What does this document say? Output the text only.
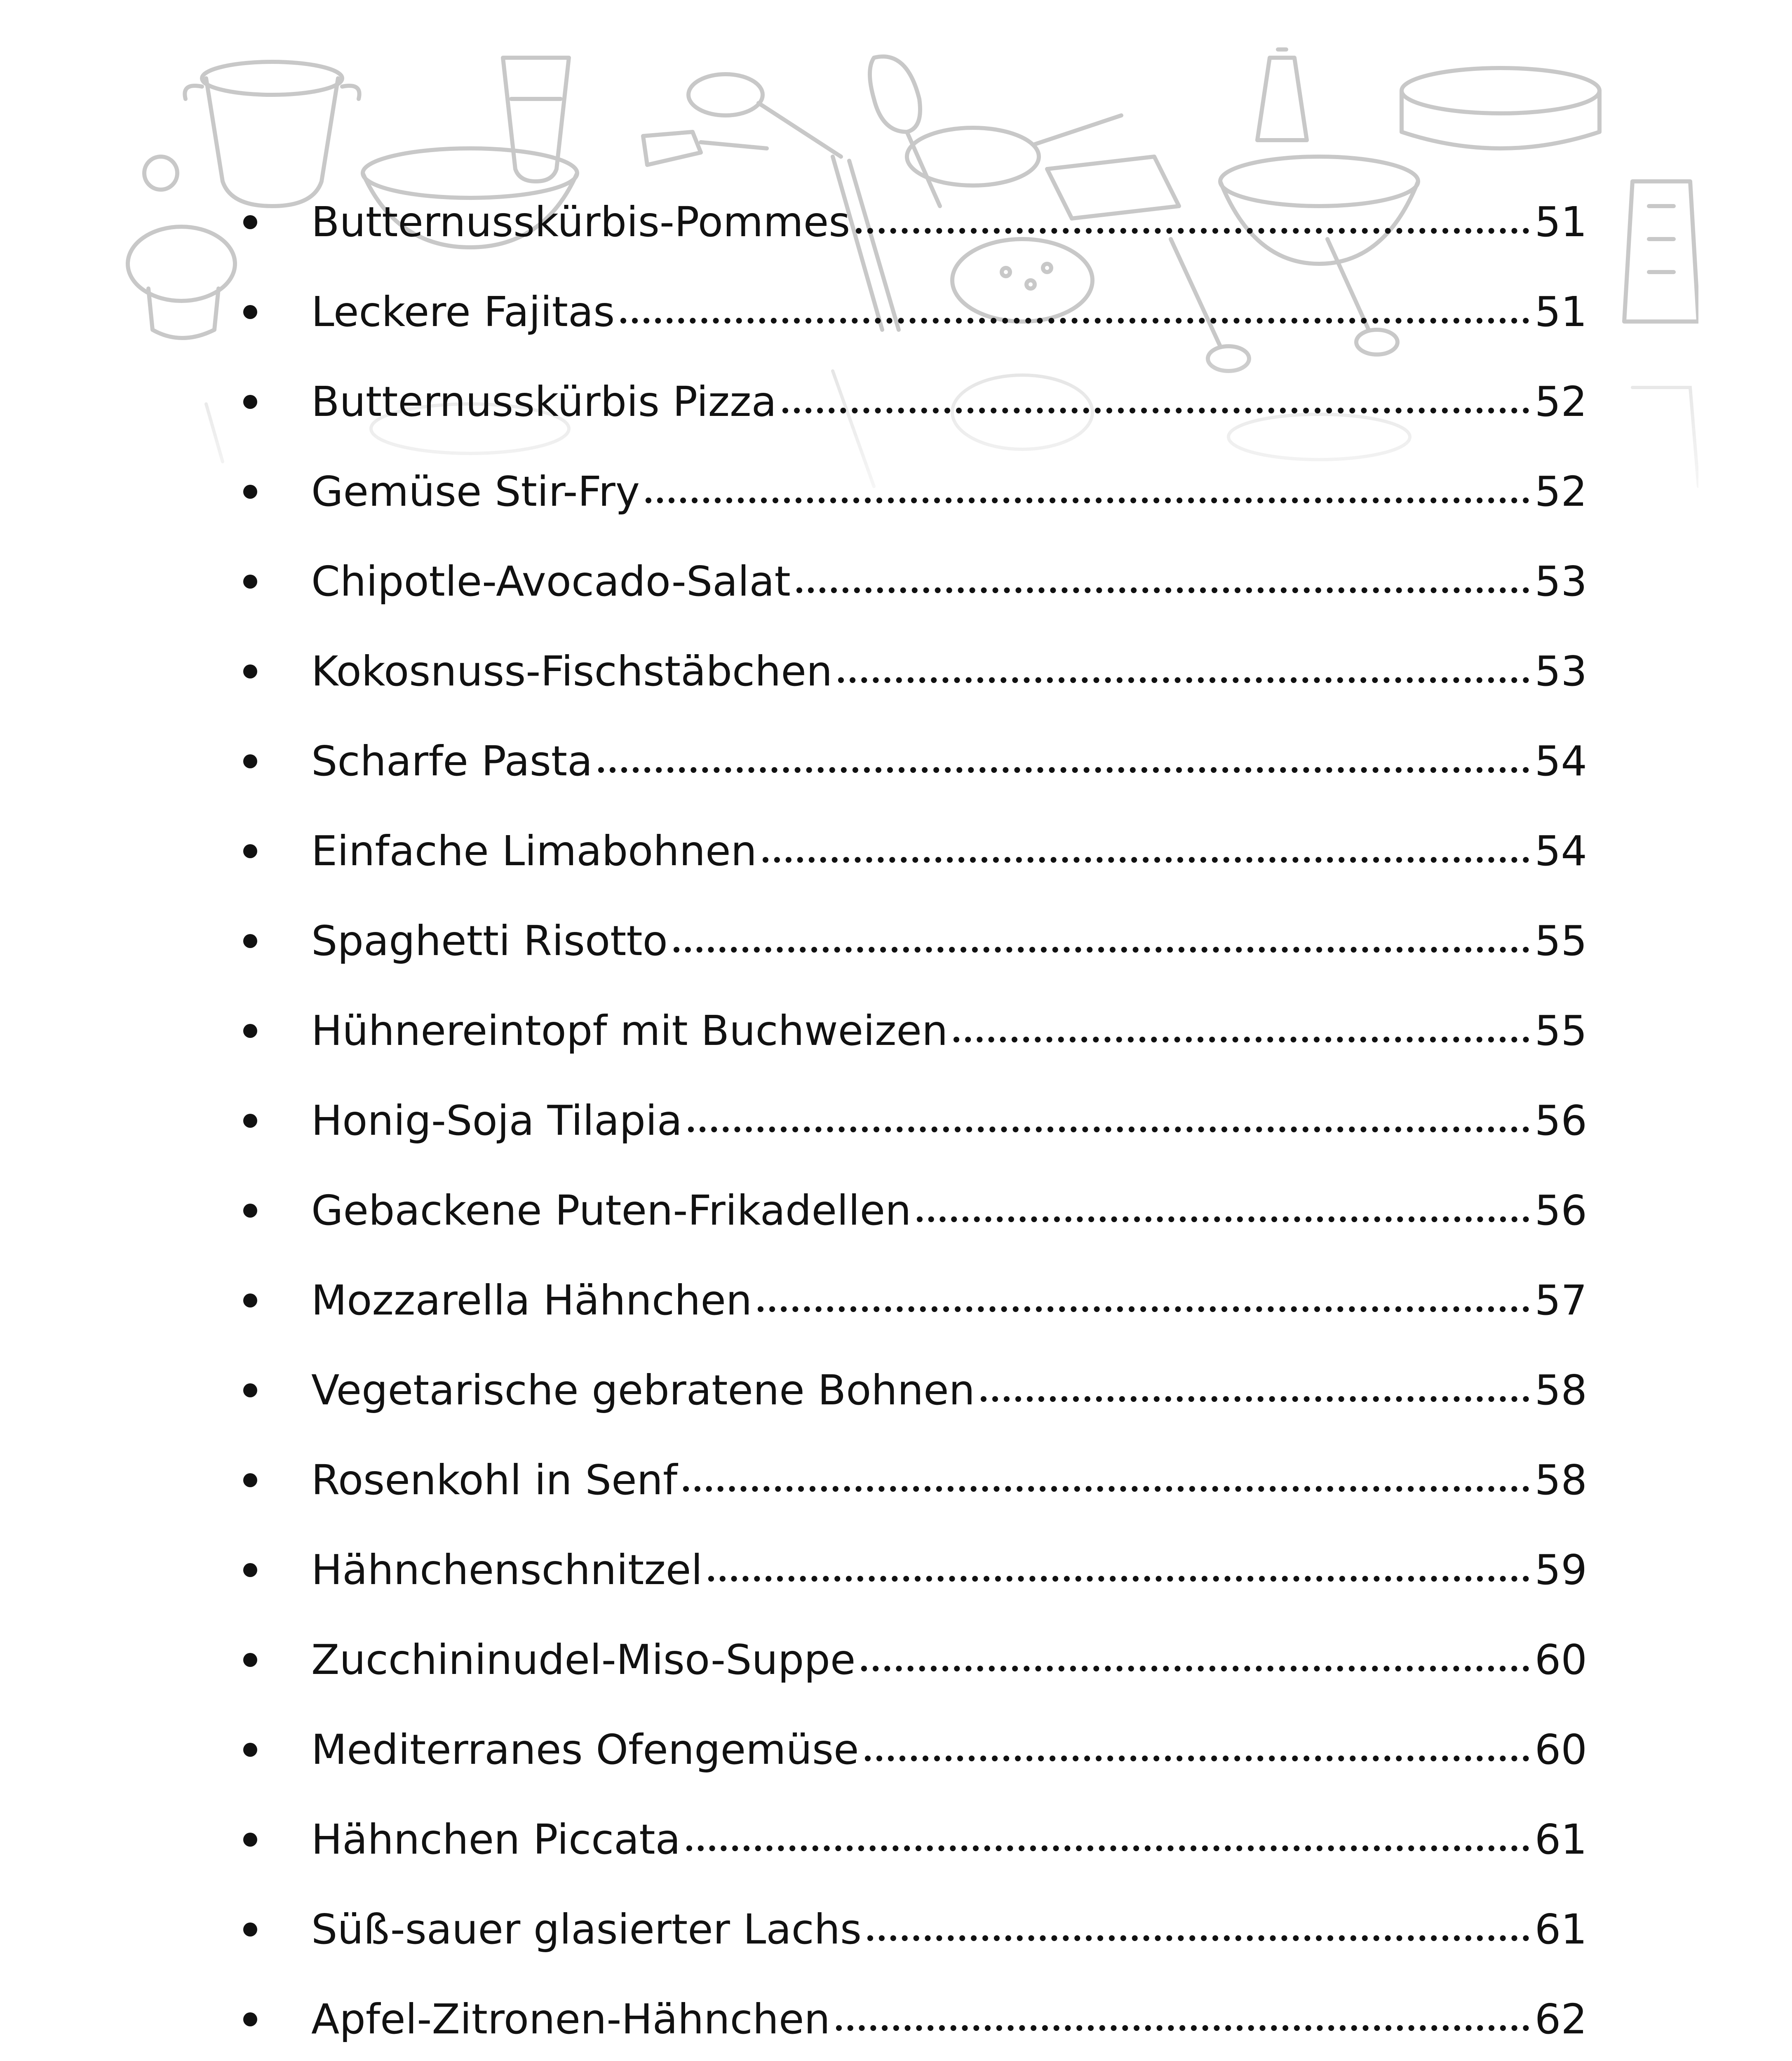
Butternusskürbis-Pommes	51
Leckere Fajitas	51
Butternusskürbis Pizza	52
Gemüse Stir-Fry	52
Chipotle-Avocado-Salat	53
Kokosnuss-Fischstäbchen	53
Scharfe Pasta	54
Einfache Limabohnen	54
Spaghetti Risotto	55
Hühnereintopf mit Buchweizen	55
Honig-Soja Tilapia	56
Gebackene Puten-Frikadellen	56
Mozzarella Hähnchen	57
Vegetarische gebratene Bohnen	58
Rosenkohl in Senf	58
Hähnchenschnitzel	59
Zucchininudel-Miso-Suppe	60
Mediterranes Ofengemüse	60
Hähnchen Piccata	61
Süß-sauer glasierter Lachs	61
Apfel-Zitronen-Hähnchen	62
